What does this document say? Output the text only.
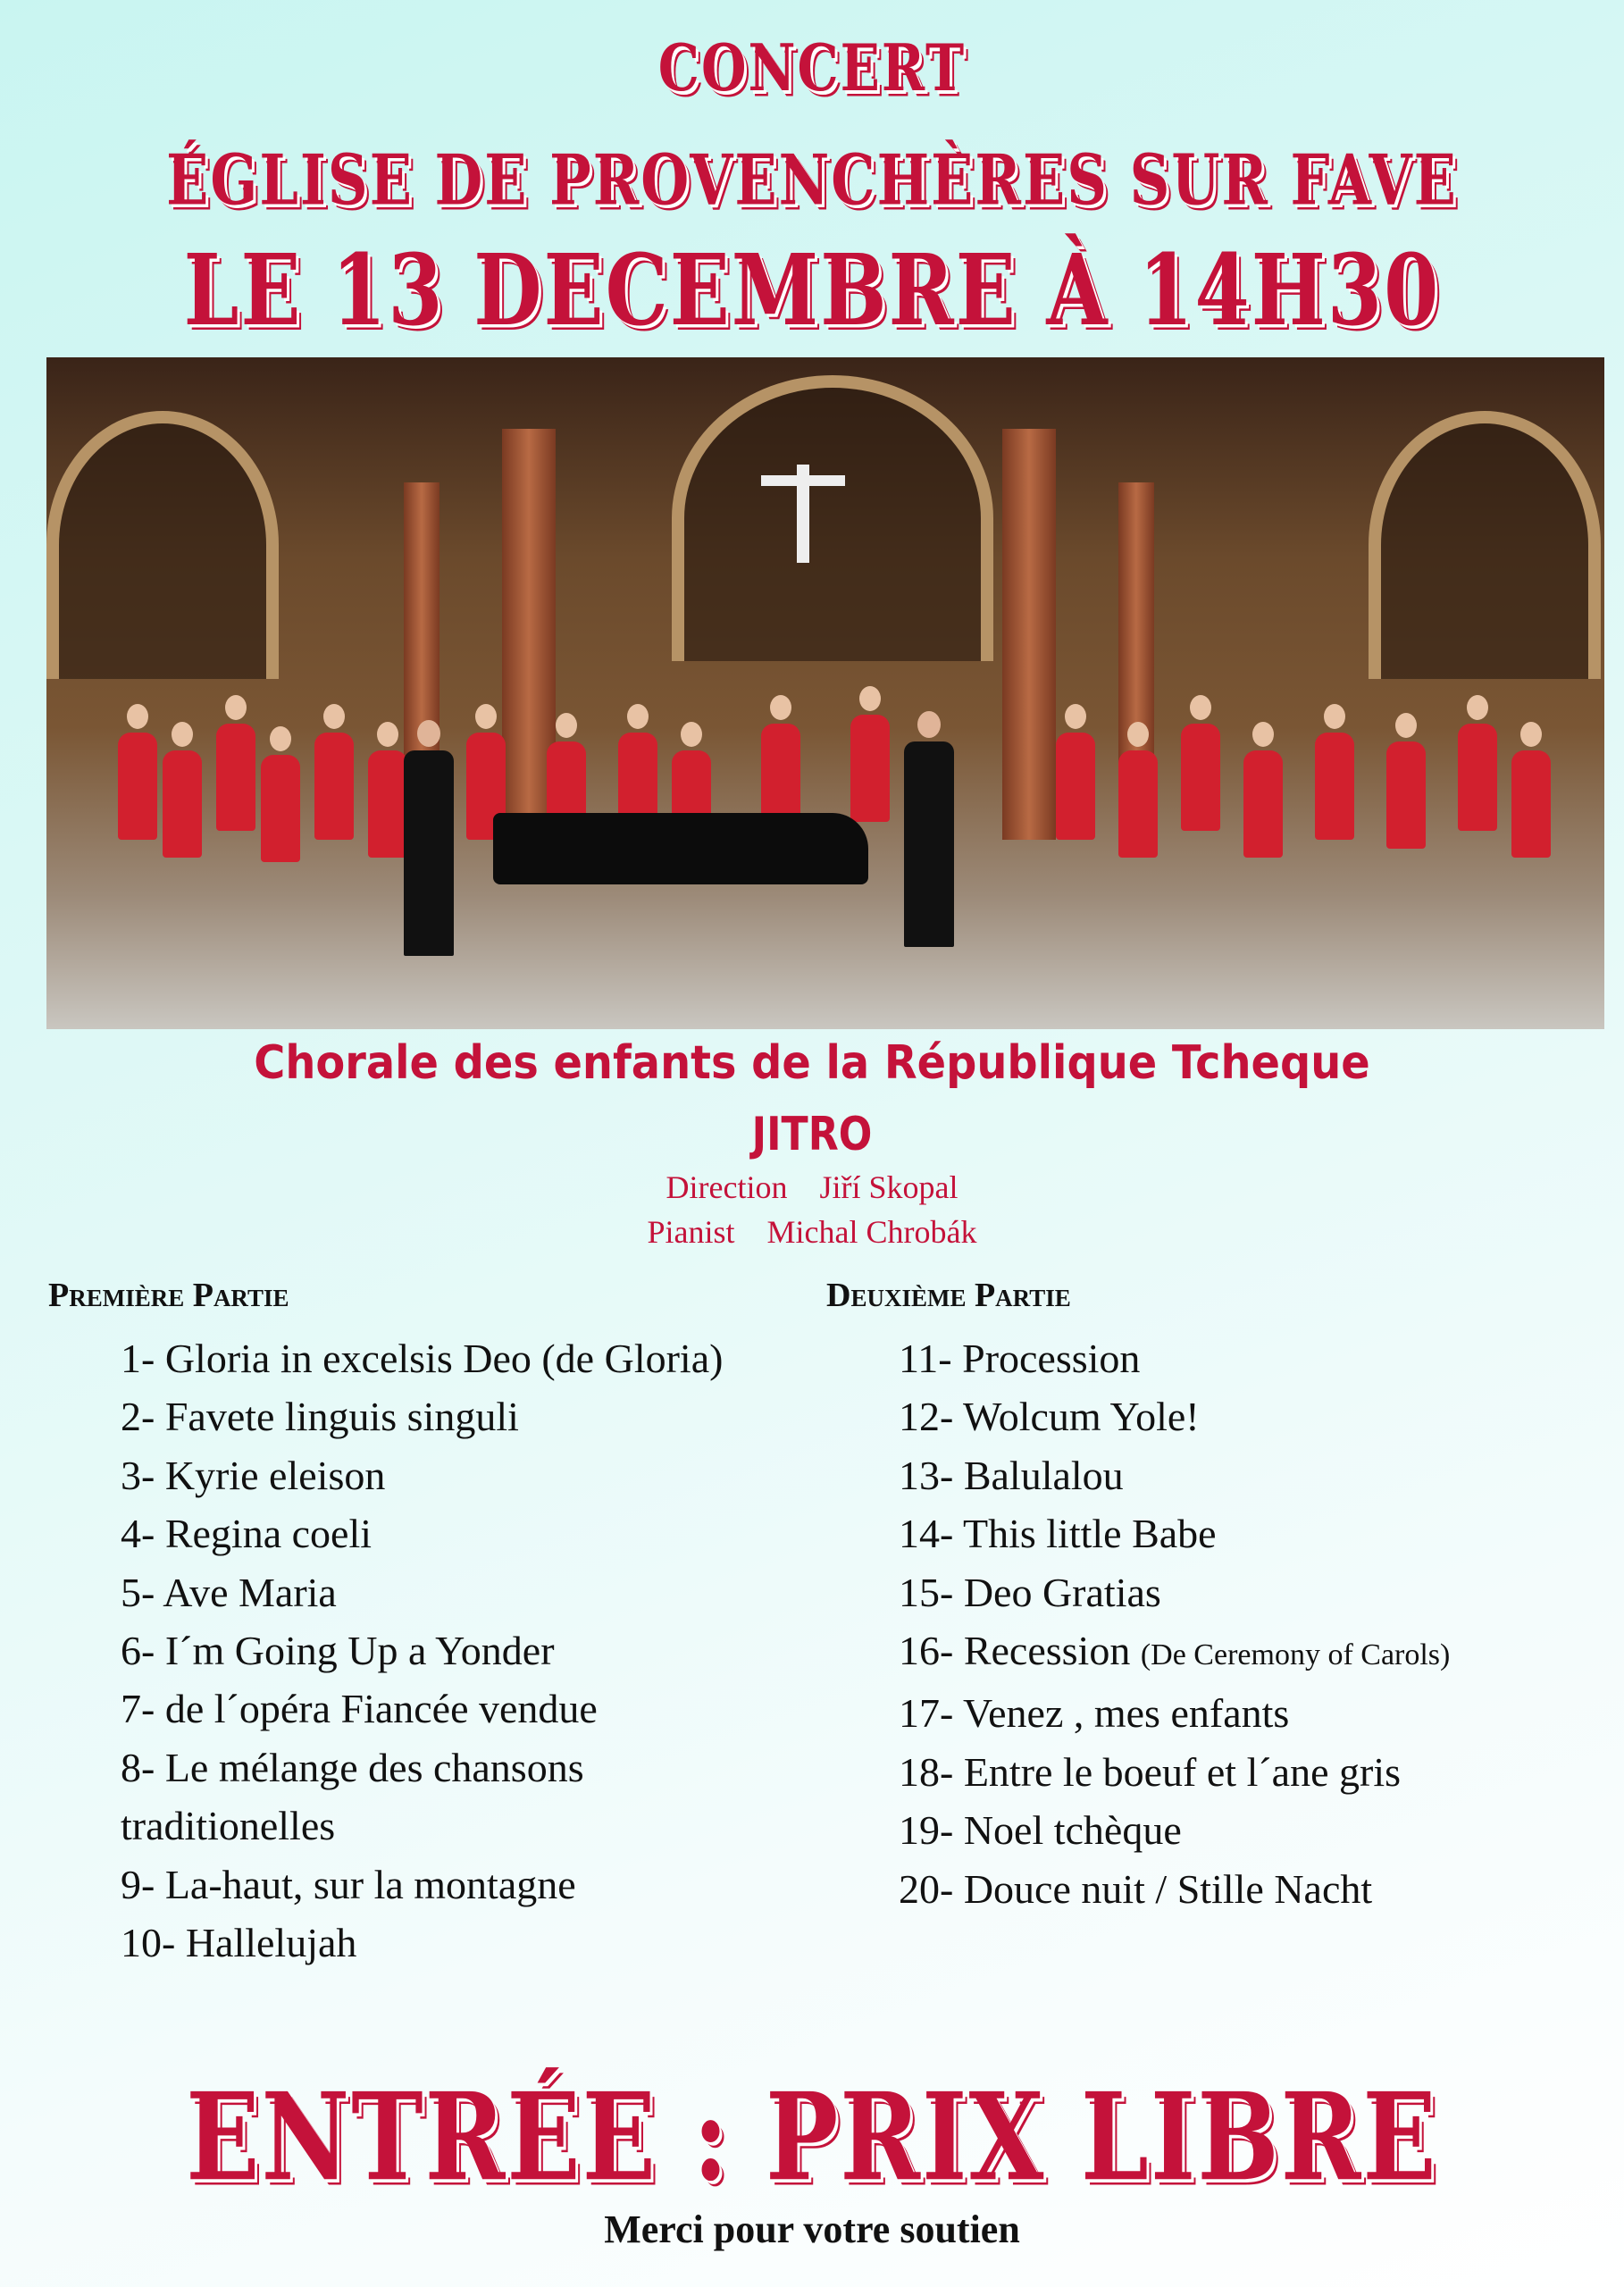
CONCERT
ÉGLISE DE PROVENCHÈRES SUR FAVE
LE 13 DECEMBRE À 14H30
Chorale des enfants de la République Tcheque
JITRO
Direction Jiří Skopal
Pianist Michal Chrobák
Première Partie	Deuxième Partie
1- Gloria in excelsis Deo (de Gloria)
2- Favete linguis singuli
3- Kyrie eleison
4- Regina coeli
5- Ave Maria
6- I´m Going Up a Yonder
7- de l´opéra Fiancée vendue
8- Le mélange des chansons
traditionelles
9- La-haut, sur la montagne
10- Hallelujah
11- Procession
12- Wolcum Yole!
13- Balulalou
14- This little Babe
15- Deo Gratias
16- Recession (De Ceremony of Carols)
17- Venez , mes enfants
18- Entre le boeuf et l´ane gris
19- Noel tchèque
20- Douce nuit / Stille Nacht
ENTRÉE : PRIX LIBRE
Merci pour votre soutien
